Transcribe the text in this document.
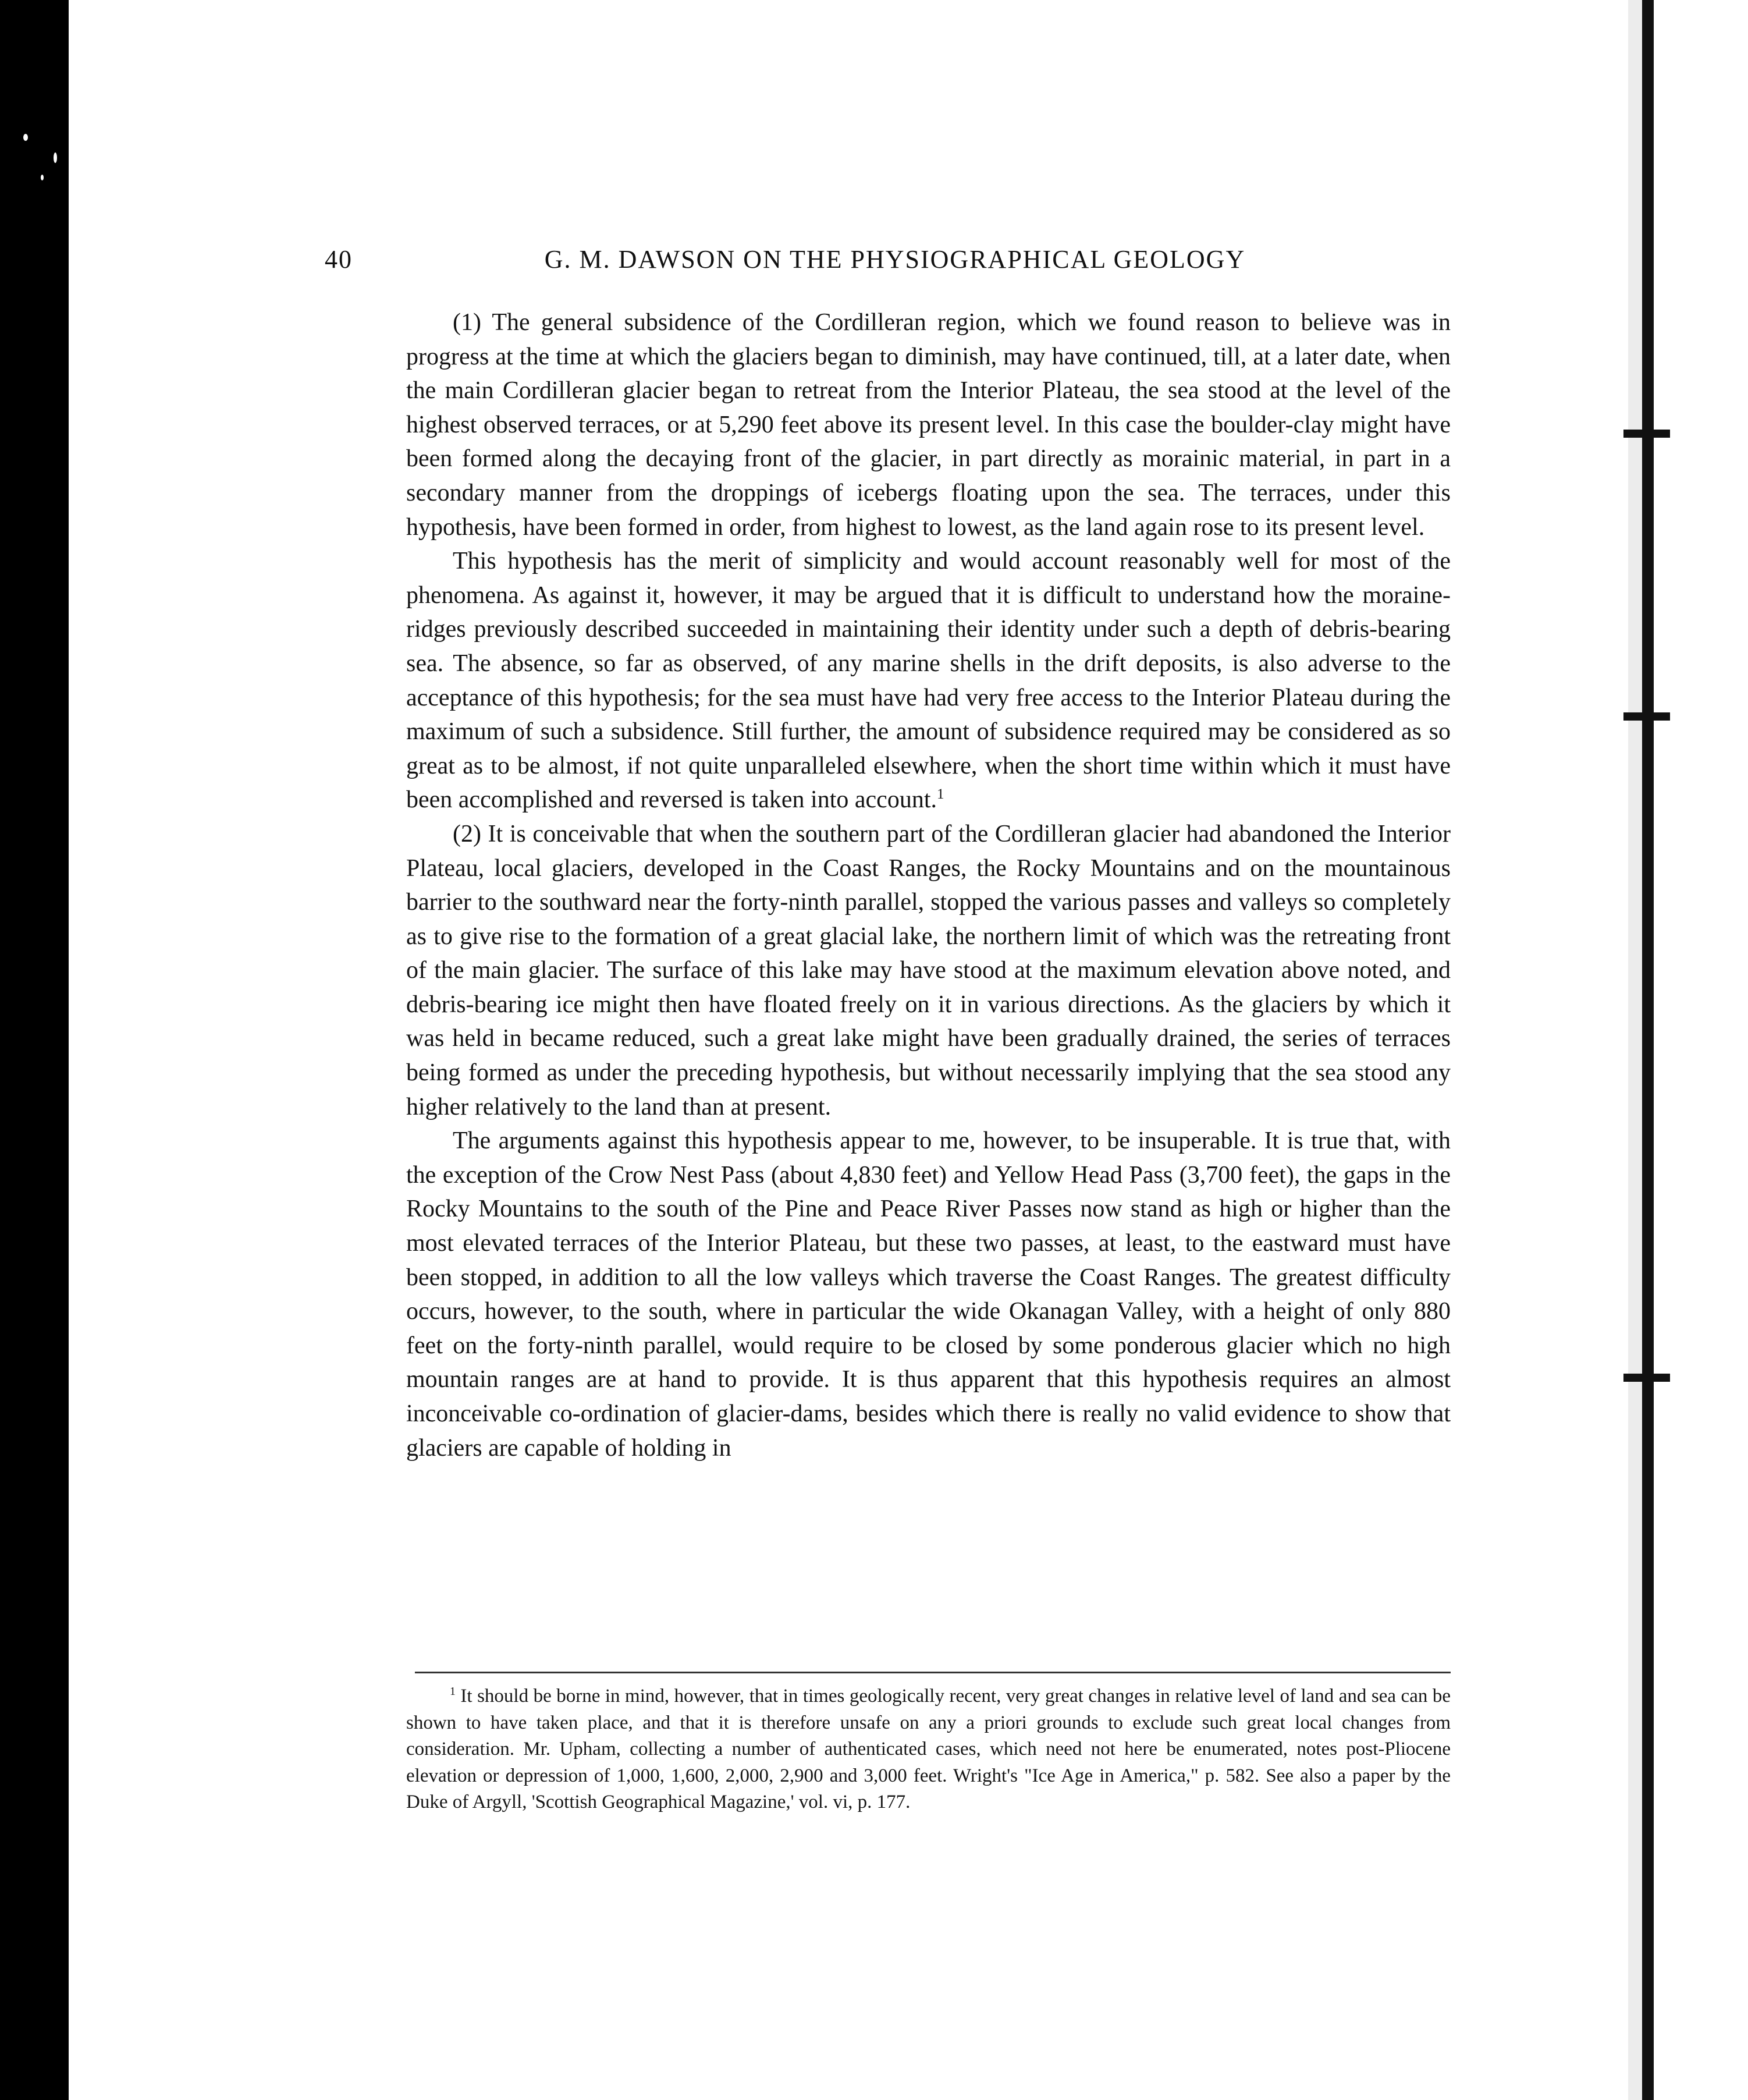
40	G. M. DAWSON ON THE PHYSIOGRAPHICAL GEOLOGY

(1) The general subsidence of the Cordilleran region, which we found reason to believe was in progress at the time at which the glaciers began to diminish, may have continued, till, at a later date, when the main Cordilleran glacier began to retreat from the Interior Plateau, the sea stood at the level of the highest observed terraces, or at 5,290 feet above its present level. In this case the boulder-clay might have been formed along the decaying front of the glacier, in part directly as morainic material, in part in a secondary manner from the droppings of icebergs floating upon the sea. The terraces, under this hypothesis, have been formed in order, from highest to lowest, as the land again rose to its present level.

This hypothesis has the merit of simplicity and would account reasonably well for most of the phenomena. As against it, however, it may be argued that it is difficult to understand how the moraine-ridges previously described succeeded in maintaining their identity under such a depth of debris-bearing sea. The absence, so far as observed, of any marine shells in the drift deposits, is also adverse to the acceptance of this hypothesis; for the sea must have had very free access to the Interior Plateau during the maximum of such a subsidence. Still further, the amount of subsidence required may be considered as so great as to be almost, if not quite unparalleled elsewhere, when the short time within which it must have been accomplished and reversed is taken into account.$^1$

(2) It is conceivable that when the southern part of the Cordilleran glacier had abandoned the Interior Plateau, local glaciers, developed in the Coast Ranges, the Rocky Mountains and on the mountainous barrier to the southward near the forty-ninth parallel, stopped the various passes and valleys so completely as to give rise to the formation of a great glacial lake, the northern limit of which was the retreating front of the main glacier. The surface of this lake may have stood at the maximum elevation above noted, and debris-bearing ice might then have floated freely on it in various directions. As the glaciers by which it was held in became reduced, such a great lake might have been gradually drained, the series of terraces being formed as under the preceding hypothesis, but without necessarily implying that the sea stood any higher relatively to the land than at present.

The arguments against this hypothesis appear to me, however, to be insuperable. It is true that, with the exception of the Crow Nest Pass (about 4,830 feet) and Yellow Head Pass (3,700 feet), the gaps in the Rocky Mountains to the south of the Pine and Peace River Passes now stand as high or higher than the most elevated terraces of the Interior Plateau, but these two passes, at least, to the eastward must have been stopped, in addition to all the low valleys which traverse the Coast Ranges. The greatest difficulty occurs, however, to the south, where in particular the wide Okanagan Valley, with a height of only 880 feet on the forty-ninth parallel, would require to be closed by some ponderous glacier which no high mountain ranges are at hand to provide. It is thus apparent that this hypothesis requires an almost inconceivable co-ordination of glacier-dams, besides which there is really no valid evidence to show that glaciers are capable of holding in

$^1$ It should be borne in mind, however, that in times geologically recent, very great changes in relative level of land and sea can be shown to have taken place, and that it is therefore unsafe on any a priori grounds to exclude such great local changes from consideration. Mr. Upham, collecting a number of authenticated cases, which need not here be enumerated, notes post-Pliocene elevation or depression of 1,000, 1,600, 2,000, 2,900 and 3,000 feet. Wright's "Ice Age in America," p. 582. See also a paper by the Duke of Argyll, 'Scottish Geographical Magazine,' vol. vi, p. 177.
